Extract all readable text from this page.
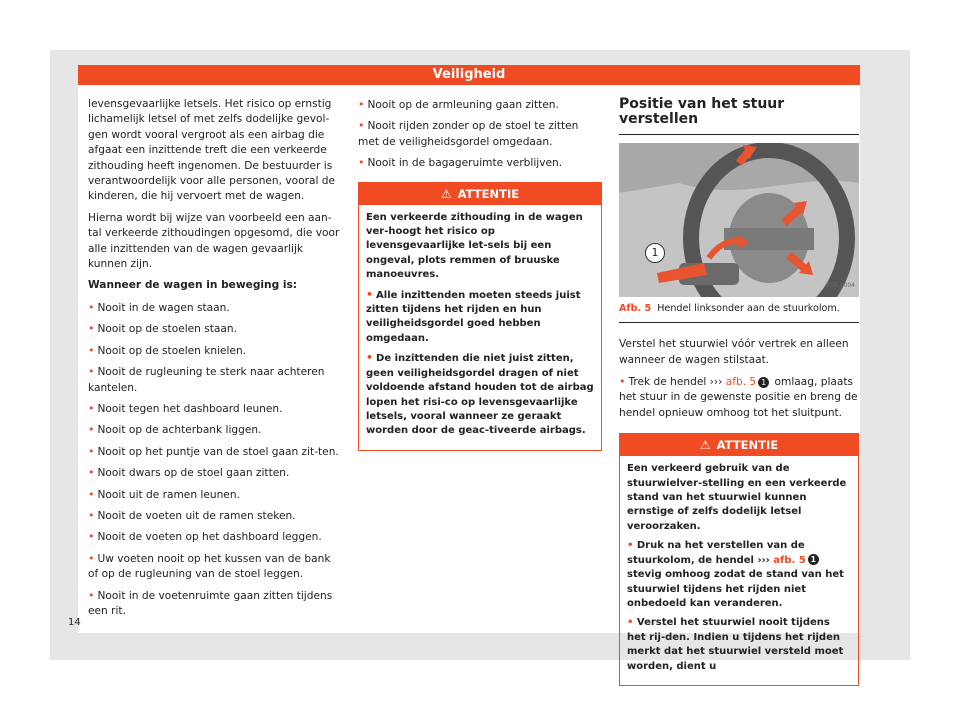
Veiligheid

levensgevaarlijke letsels. Het risico op ernstig lichamelijk letsel of met zelfs dodelijke gevol-gen wordt vooral vergroot als een airbag die afgaat een inzittende treft die een verkeerde zithouding heeft ingenomen. De bestuurder is verantwoordelijk voor alle personen, vooral de kinderen, die hij vervoert met de wagen.

Hierna wordt bij wijze van voorbeeld een aan-tal verkeerde zithoudingen opgesomd, die voor alle inzittenden van de wagen gevaarlijk kunnen zijn.

Wanneer de wagen in beweging is:
• Nooit in de wagen staan.
• Nooit op de stoelen staan.
• Nooit op de stoelen knielen.
• Nooit de rugleuning te sterk naar achteren kantelen.
• Nooit tegen het dashboard leunen.
• Nooit op de achterbank liggen.
• Nooit op het puntje van de stoel gaan zit-ten.
• Nooit dwars op de stoel gaan zitten.
• Nooit uit de ramen leunen.
• Nooit de voeten uit de ramen steken.
• Nooit de voeten op het dashboard leggen.
• Uw voeten nooit op het kussen van de bank of op de rugleuning van de stoel leggen.
• Nooit in de voetenruimte gaan zitten tijdens een rit.
• Nooit op de armleuning gaan zitten.
• Nooit rijden zonder op de stoel te zitten met de veiligheidsgordel omgedaan.
• Nooit in de bagageruimte verblijven.
⚠ ATTENTIE

Een verkeerde zithouding in de wagen ver-hoogt het risico op levensgevaarlijke let-sels bij een ongeval, plots remmen of bruuske manoeuvres.

• Alle inzittenden moeten steeds juist zitten tijdens het rijden en hun veiligheidsgordel goed hebben omgedaan.
• De inzittenden die niet juist zitten, geen veiligheidsgordel dragen of niet voldoende afstand houden tot de airbag lopen het risi-co op levensgevaarlijke letsels, vooral wanneer ze geraakt worden door de geac-tiveerde airbags.
Positie van het stuur verstellen
1
B5F-1004
Afb. 5 Hendel linksonder aan de stuurkolom.

Verstel het stuurwiel vóór vertrek en alleen wanneer de wagen stilstaat.

• Trek de hendel ››› afb. 5 1 omlaag, plaats het stuur in de gewenste positie en breng de hendel opnieuw omhoog tot het sluitpunt.
⚠ ATTENTIE

Een verkeerd gebruik van de stuurwielver-stelling en een verkeerde stand van het stuurwiel kunnen ernstige of zelfs dodelijk letsel veroorzaken.

• Druk na het verstellen van de stuurkolom, de hendel ››› afb. 5 1 stevig omhoog zodat de stand van het stuurwiel tijdens het rijden niet onbedoeld kan veranderen.

• Verstel het stuurwiel nooit tijdens het rij-den. Indien u tijdens het rijden merkt dat het stuurwiel versteld moet worden, dient u

14
